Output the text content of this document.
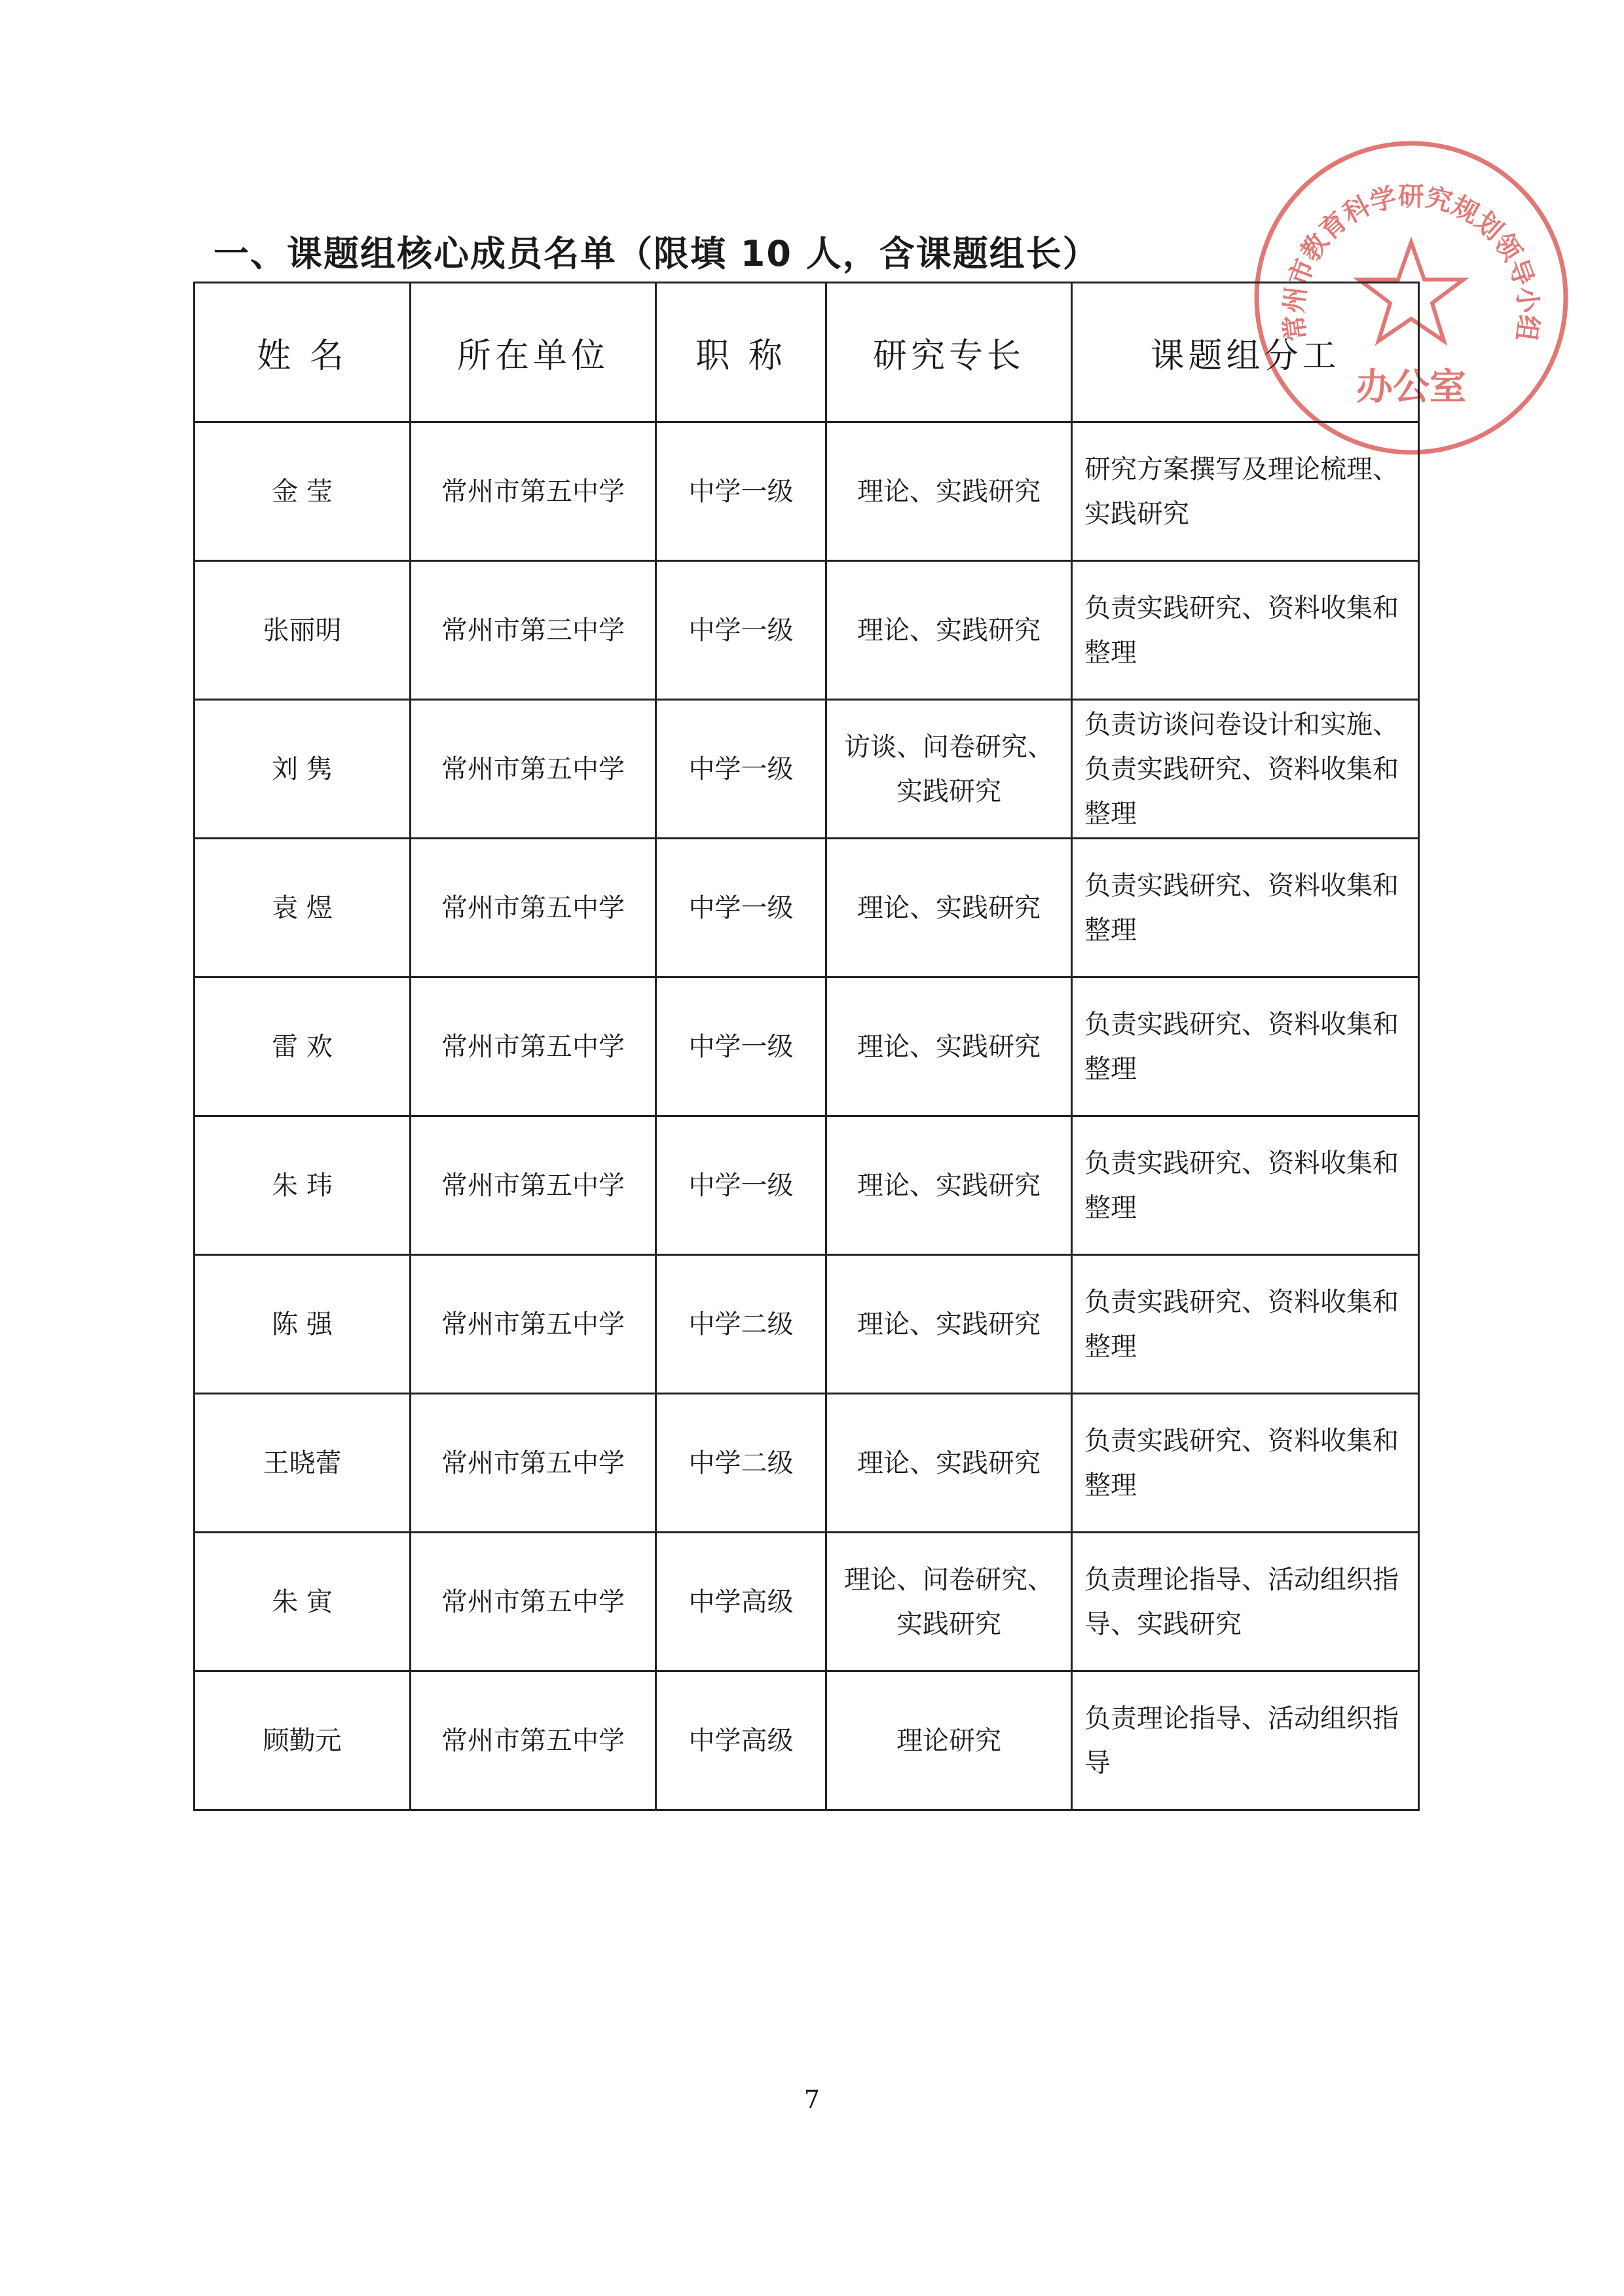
一、课题组核心成员名单（限填 10 人，含课题组长）
常州市教育科学研究规划领导小组
办公室
姓 名	所在单位	职 称	研究专长	课题组分工
金 莹	常州市第五中学	中学一级	理论、实践研究	研究方案撰写及理论梳理、实践研究
张丽明	常州市第三中学	中学一级	理论、实践研究	负责实践研究、资料收集和整理
刘 隽	常州市第五中学	中学一级	访谈、问卷研究、实践研究	负责访谈问卷设计和实施、负责实践研究、资料收集和整理
袁 煜	常州市第五中学	中学一级	理论、实践研究	负责实践研究、资料收集和整理
雷 欢	常州市第五中学	中学一级	理论、实践研究	负责实践研究、资料收集和整理
朱 玮	常州市第五中学	中学一级	理论、实践研究	负责实践研究、资料收集和整理
陈 强	常州市第五中学	中学二级	理论、实践研究	负责实践研究、资料收集和整理
王晓蕾	常州市第五中学	中学二级	理论、实践研究	负责实践研究、资料收集和整理
朱 寅	常州市第五中学	中学高级	理论、问卷研究、实践研究	负责理论指导、活动组织指导、实践研究
顾勤元	常州市第五中学	中学高级	理论研究	负责理论指导、活动组织指导
7
